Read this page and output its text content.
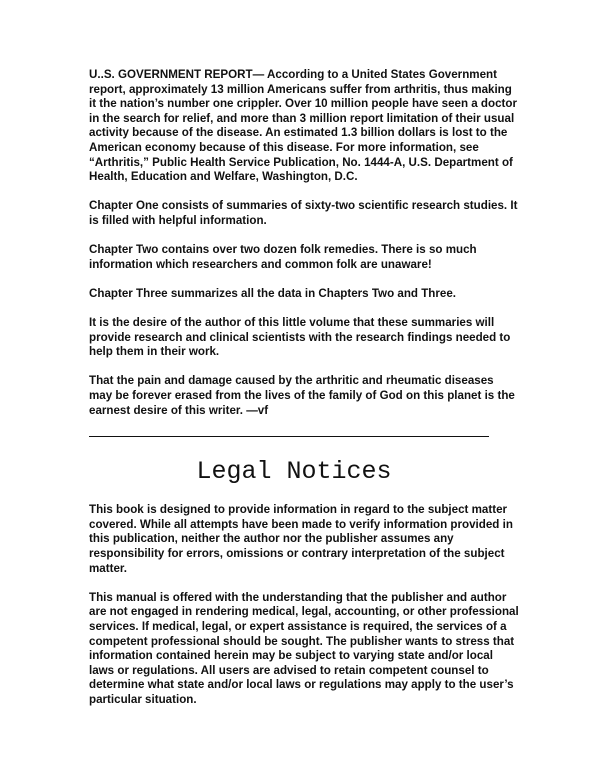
U..S. GOVERNMENT REPORT— According to a United States Government report, approximately 13 million Americans suffer from arthritis, thus making it the nation’s number one crippler. Over 10 million people have seen a doctor in the search for relief, and more than 3 million report limitation of their usual activity because of the disease. An estimated 1.3 billion dollars is lost to the American economy because of this disease. For more information, see “Arthritis,” Public Health Service Publication, No. 1444-A, U.S. Department of Health, Education and Welfare, Washington, D.C.

Chapter One consists of summaries of sixty-two scientific research studies. It is filled with helpful information.

Chapter Two contains over two dozen folk remedies. There is so much information which researchers and common folk are unaware!

Chapter Three summarizes all the data in Chapters Two and Three.

It is the desire of the author of this little volume that these summaries will provide research and clinical scientists with the research findings needed to help them in their work.

That the pain and damage caused by the arthritic and rheumatic diseases may be forever erased from the lives of the family of God on this planet is the earnest desire of this writer. —vf

Legal Notices

This book is designed to provide information in regard to the subject matter covered. While all attempts have been made to verify information provided in this publication, neither the author nor the publisher assumes any responsibility for errors, omissions or contrary interpretation of the subject matter.

This manual is offered with the understanding that the publisher and author are not engaged in rendering medical, legal, accounting, or other professional services. If medical, legal, or expert assistance is required, the services of a competent professional should be sought. The publisher wants to stress that information contained herein may be subject to varying state and/or local laws or regulations. All users are advised to retain competent counsel to determine what state and/or local laws or regulations may apply to the user’s particular situation.
